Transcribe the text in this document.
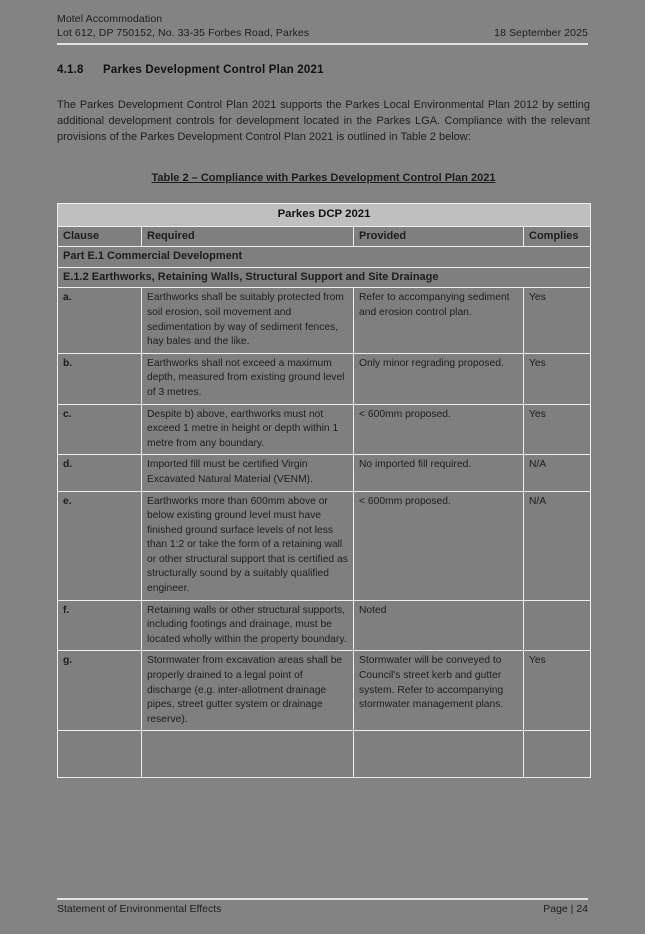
Motel Accommodation
Lot 612, DP 750152, No. 33-35 Forbes Road, Parkes	18 September 2025
4.1.8 Parkes Development Control Plan 2021
The Parkes Development Control Plan 2021 supports the Parkes Local Environmental Plan 2012 by setting additional development controls for development located in the Parkes LGA. Compliance with the relevant provisions of the Parkes Development Control Plan 2021 is outlined in Table 2 below:
Table 2 – Compliance with Parkes Development Control Plan 2021
Parkes DCP 2021			
Clause	Required	Provided	Complies
Part E.1 Commercial Development			
E.1.2 Earthworks, Retaining Walls, Structural Support and Site Drainage			
a.	Earthworks shall be suitably protected from soil erosion, soil movement and sedimentation by way of sediment fences, hay bales and the like.	Refer to accompanying sediment and erosion control plan.	Yes
b.	Earthworks shall not exceed a maximum depth, measured from existing ground level of 3 metres.	Only minor regrading proposed.	Yes
c.	Despite b) above, earthworks must not exceed 1 metre in height or depth within 1 metre from any boundary.	< 600mm proposed.	Yes
d.	Imported fill must be certified Virgin Excavated Natural Material (VENM).	No imported fill required.	N/A
e.	Earthworks more than 600mm above or below existing ground level must have finished ground surface levels of not less than 1:2 or take the form of a retaining wall or other structural support that is certified as structurally sound by a suitably qualified engineer.	< 600mm proposed.	N/A
f.	Retaining walls or other structural supports, including footings and drainage, must be located wholly within the property boundary.	Noted	
g.	Stormwater from excavation areas shall be properly drained to a legal point of discharge (e.g. inter-allotment drainage pipes, street gutter system or drainage reserve).	Stormwater will be conveyed to Council's street kerb and gutter system. Refer to accompanying stormwater management plans.	Yes

Statement of Environmental Effects	Page | 24
